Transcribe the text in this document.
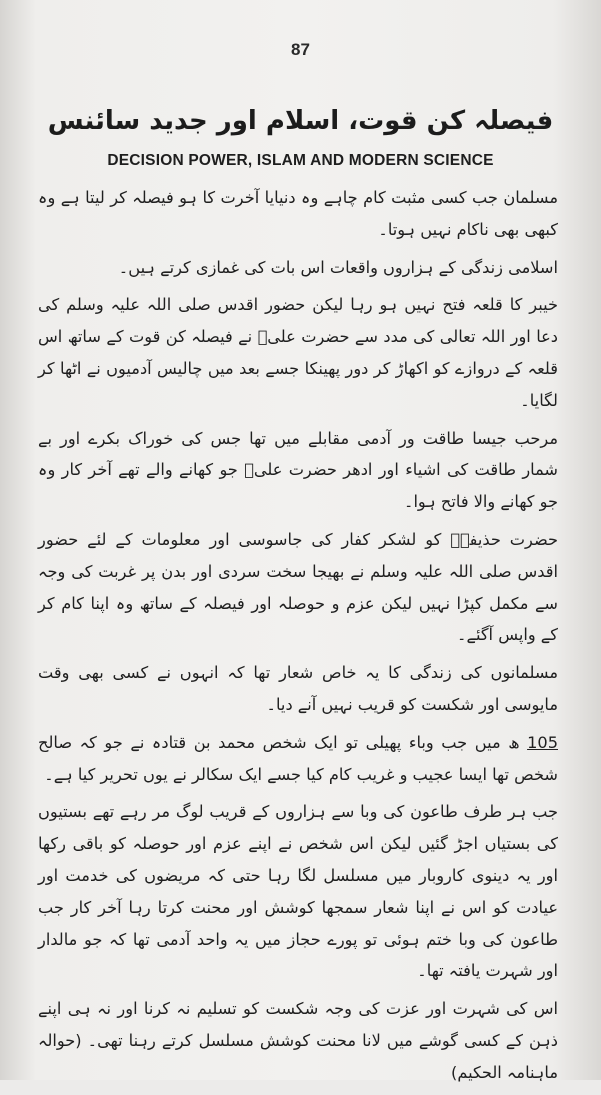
87
فیصلہ کن قوت، اسلام اور جدید سائنس
DECISION POWER, ISLAM AND MODERN SCIENCE

مسلمان جب کسی مثبت کام چاہے وہ دنیایا آخرت کا ہو فیصلہ کر لیتا ہے وہ کبھی بھی ناکام نہیں ہوتا۔

اسلامی زندگی کے ہزاروں واقعات اس بات کی غمازی کرتے ہیں۔

خیبر کا قلعہ فتح نہیں ہو رہا لیکن حضور اقدس صلی اللہ علیہ وسلم کی دعا اور اللہ تعالی کی مدد سے حضرت علیؓ نے فیصلہ کن قوت کے ساتھ اس قلعہ کے دروازے کو اکھاڑ کر دور پھینکا جسے بعد میں چالیس آدمیوں نے اٹھا کر لگایا۔

مرحب جیسا طاقت ور آدمی مقابلے میں تھا جس کی خوراک بکرے اور بے شمار طاقت کی اشیاء اور ادھر حضرت علیؓ جو کھانے والے تھے آخر کار وہ جو کھانے والا فاتح ہوا۔

حضرت حذیفہؓ کو لشکر کفار کی جاسوسی اور معلومات کے لئے حضور اقدس صلی اللہ علیہ وسلم نے بھیجا سخت سردی اور بدن پر غربت کی وجہ سے مکمل کپڑا نہیں لیکن عزم و حوصلہ اور فیصلہ کے ساتھ وہ اپنا کام کر کے واپس آگئے۔

مسلمانوں کی زندگی کا یہ خاص شعار تھا کہ انہوں نے کسی بھی وقت مایوسی اور شکست کو قریب نہیں آنے دیا۔

105 ھ میں جب وباء پھیلی تو ایک شخص محمد بن قتادہ نے جو کہ صالح شخص تھا ایسا عجیب و غریب کام کیا جسے ایک سکالر نے یوں تحریر کیا ہے۔

جب ہر طرف طاعون کی وبا سے ہزاروں کے قریب لوگ مر رہے تھے بستیوں کی بستیاں اجڑ گئیں لیکن اس شخص نے اپنے عزم اور حوصلہ کو باقی رکھا اور یہ دینوی کاروبار میں مسلسل لگا رہا حتی کہ مریضوں کی خدمت اور عیادت کو اس نے اپنا شعار سمجھا کوشش اور محنت کرتا رہا آخر کار جب طاعون کی وبا ختم ہوئی تو پورے حجاز میں یہ واحد آدمی تھا کہ جو مالدار اور شہرت یافتہ تھا۔

اس کی شہرت اور عزت کی وجہ شکست کو تسلیم نہ کرنا اور نہ ہی اپنے ذہن کے کسی گوشے میں لانا محنت کوشش مسلسل کرتے رہنا تھی۔ (حوالہ ماہنامہ الحکیم)
